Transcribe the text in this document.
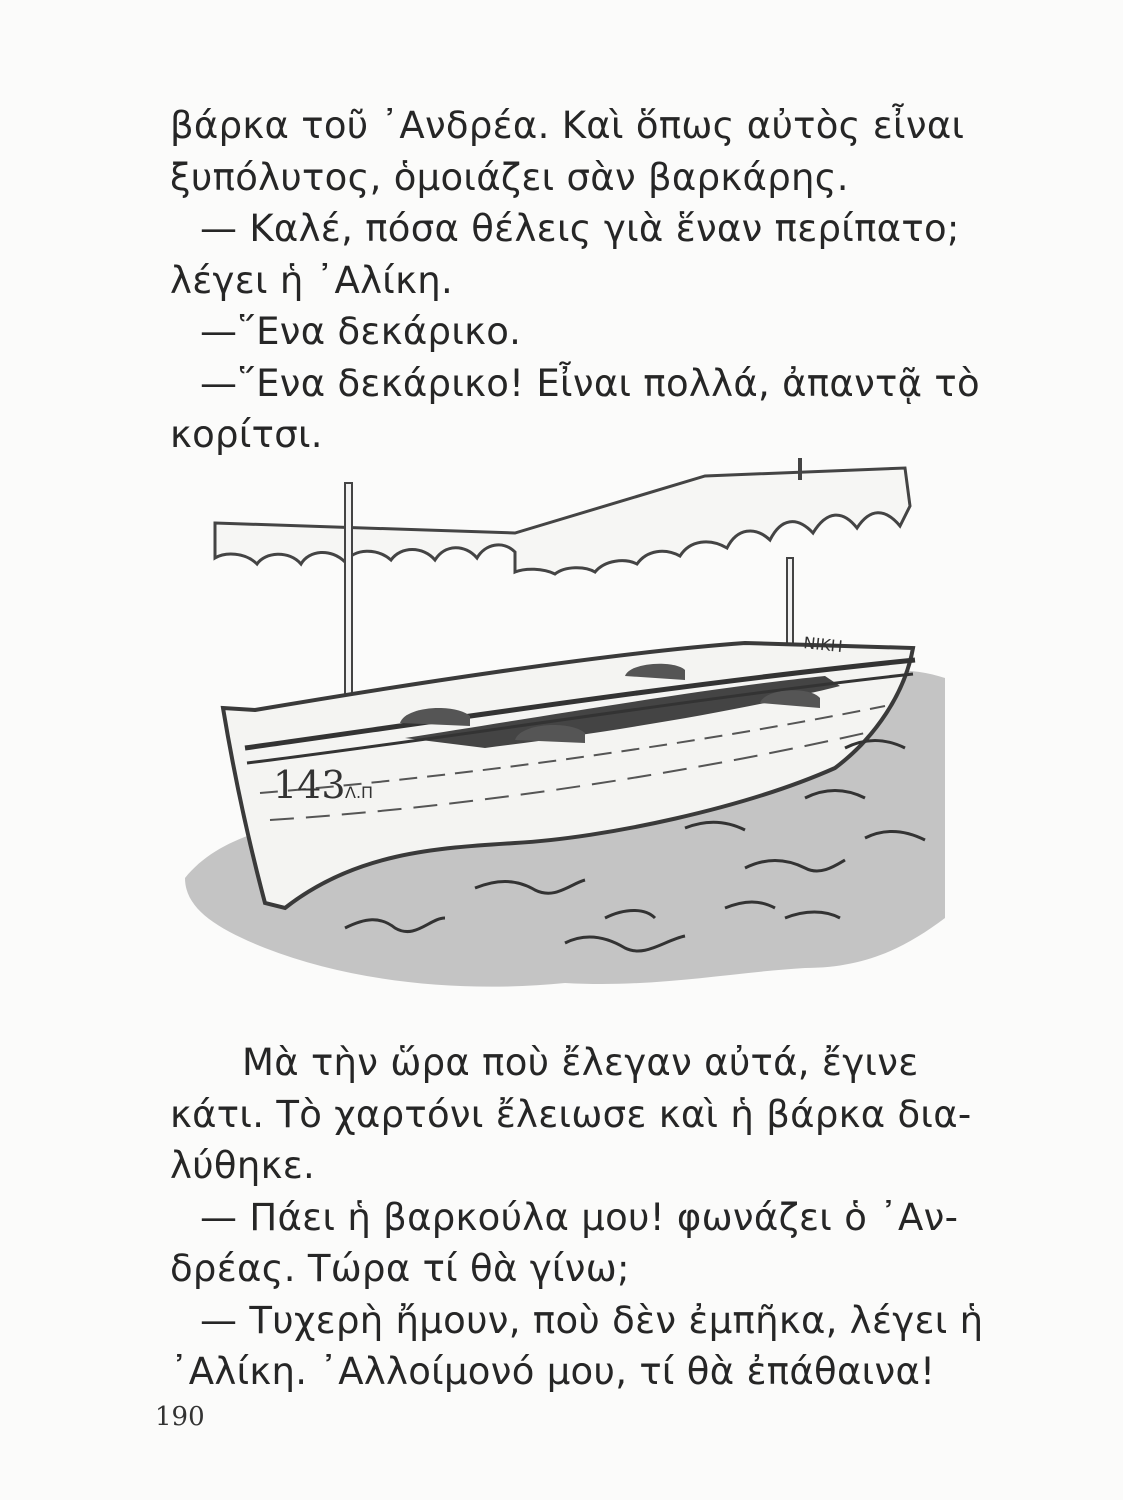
βάρκα τοῦ ᾿Ανδρέα. Καὶ ὅπως αὐτὸς εἶναι
ξυπόλυτος, ὁμοιάζει σὰν βαρκάρης.
— Καλέ, πόσα θέλεις γιὰ ἕναν περίπατο;
λέγει ἡ ᾿Αλίκη.
—῞Ενα δεκάρικο.
—῞Ενα δεκάρικο! Εἶναι πολλά, ἀπαντᾷ τὸ
κορίτσι.
143 Λ.Π
ΝΙΚΗ
Μὰ τὴν ὥρα ποὺ ἔλεγαν αὐτά, ἔγινε
κάτι. Τὸ χαρτόνι ἔλειωσε καὶ ἡ βάρκα δια-
λύθηκε.
— Πάει ἡ βαρκούλα μου! φωνάζει ὁ ᾿Αν-
δρέας. Τώρα τί θὰ γίνω;
— Τυχερὴ ἤμουν, ποὺ δὲν ἐμπῆκα, λέγει ἡ
᾿Αλίκη. ᾿Αλλοίμονό μου, τί θὰ ἐπάθαινα!
190
